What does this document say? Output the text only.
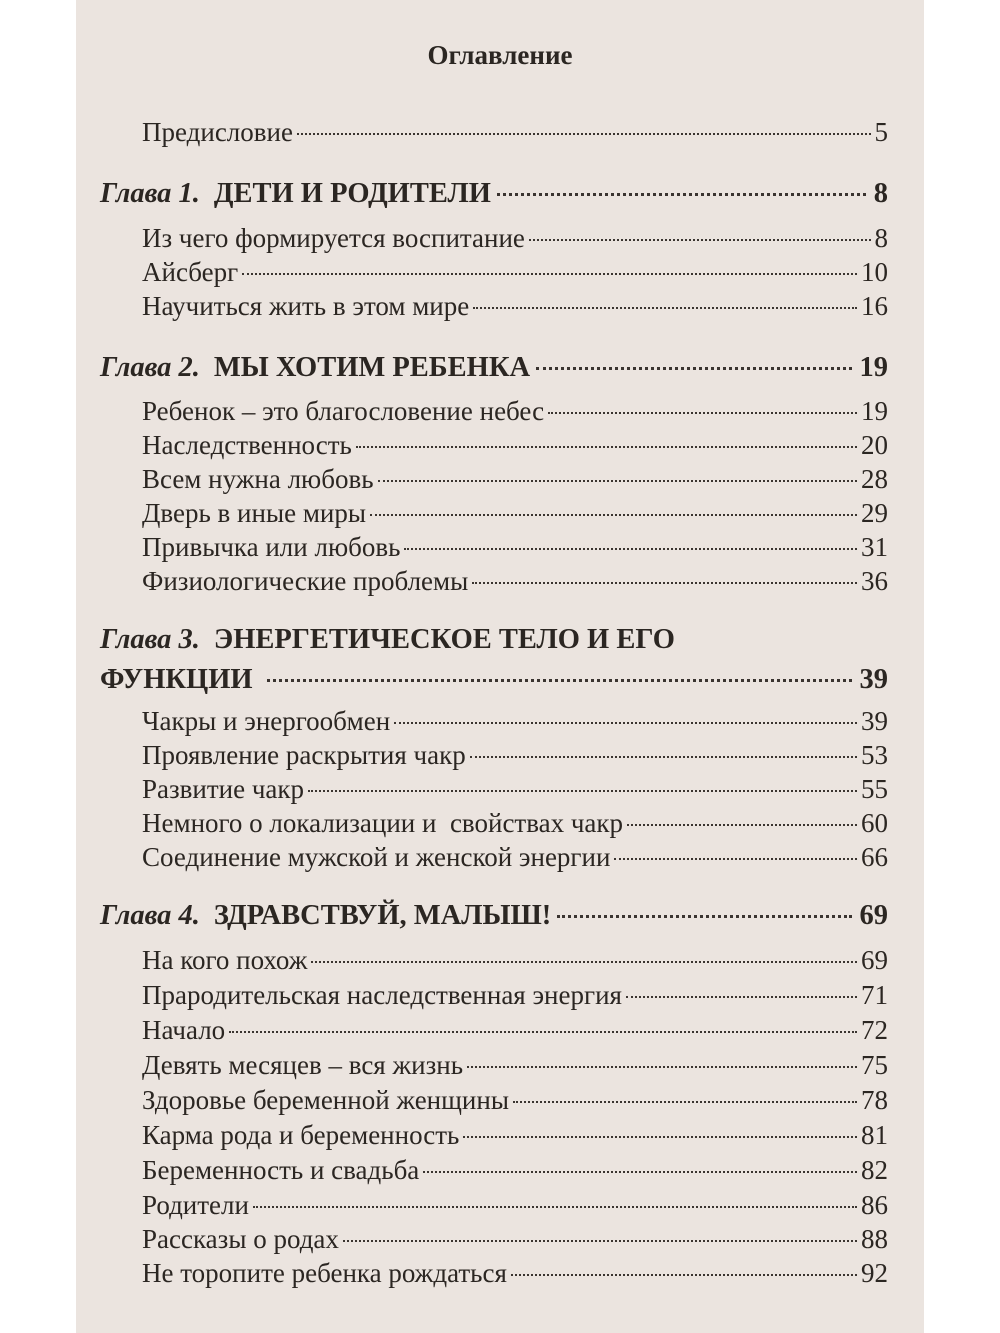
Оглавление
Предисловие	5
Глава 1. ДЕТИ И РОДИТЕЛИ	8
Из чего формируется воспитание	8
Айсберг	10
Научиться жить в этом мире	16
Глава 2. МЫ ХОТИМ РЕБЕНКА	19
Ребенок – это благословение небес	19
Наследственность	20
Всем нужна любовь	28
Дверь в иные миры	29
Привычка или любовь	31
Физиологические проблемы	36
Глава 3. ЭНЕРГЕТИЧЕСКОЕ ТЕЛО И ЕГО
ФУНКЦИИ	39
Чакры и энергообмен	39
Проявление раскрытия чакр	53
Развитие чакр	55
Немного о локализации и  свойствах чакр	60
Соединение мужской и женской энергии	66
Глава 4. ЗДРАВСТВУЙ, МАЛЫШ!	69
На кого похож	69
Прародительская наследственная энергия	71
Начало	72
Девять месяцев – вся жизнь	75
Здоровье беременной женщины	78
Карма рода и беременность	81
Беременность и свадьба	82
Родители	86
Рассказы о родах	88
Не торопите ребенка рождаться	92
